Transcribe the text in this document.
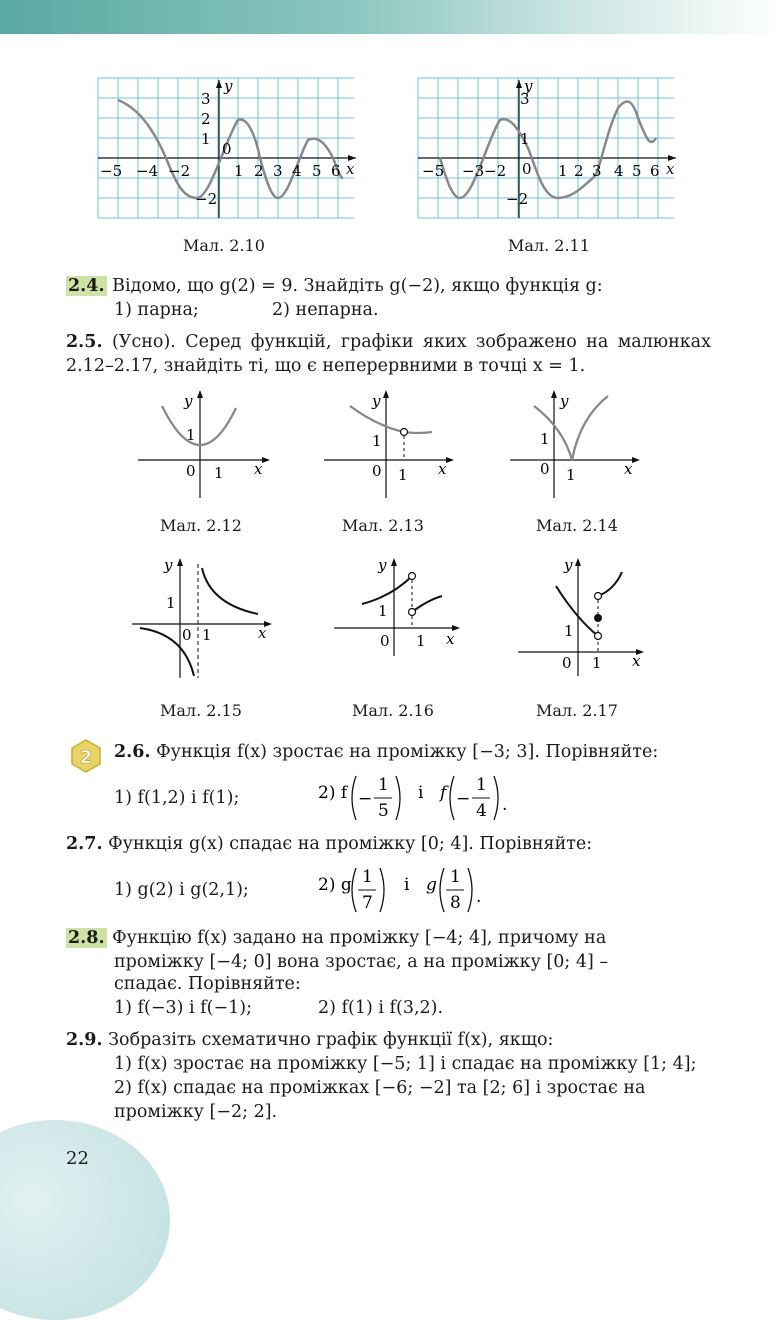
−5 −4 −2	1 2 3 4 5 6
3
2
1
−2
0
x
y
Мал. 2.10
−5 −3 −2	1 2 3 4 5 6
3
1
−2
0	x
y
Мал. 2.11
2.4. Відомо, що g(2) = 9. Знайдіть g(−2), якщо функція g:
1) парна;	2) непарна.
2.5. (Усно). Серед функцій, графіки яких зображено на малюнках 2.12–2.17, знайдіть ті, що є неперервними в точці x = 1.
1
0 1 x
y
Мал. 2.12
1
0 1 x
y
Мал. 2.13
1
0 1	x
y
Мал. 2.14
1
0 1	x
y
Мал. 2.15
1
0 1 x
y
Мал. 2.16
1
0 1 x
y
Мал. 2.17
2 2.6. Функція f(x) зростає на проміжку [−3; 3]. Порівняйте:
1) f(1,2) і f(1);	2) f −
1
5
і f −
1
4 .
2.7. Функція g(x) спадає на проміжку [0; 4]. Порівняйте:
1) g(2) і g(2,1);	2) g 1
7
і g 1
8 .
2.8. Функцію f(x) задано на проміжку [−4; 4], причому на
проміжку [−4; 0] вона зростає, а на проміжку [0; 4] –
спадає. Порівняйте:
1) f(−3) і f(−1);	2) f(1) і f(3,2).
2.9. Зобразіть схематично графік функції f(x), якщо:
1) f(x) зростає на проміжку [−5; 1] і спадає на проміжку [1; 4];
2) f(x) спадає на проміжках [−6; −2] та [2; 6] і зростає на
проміжку [−2; 2].
22
